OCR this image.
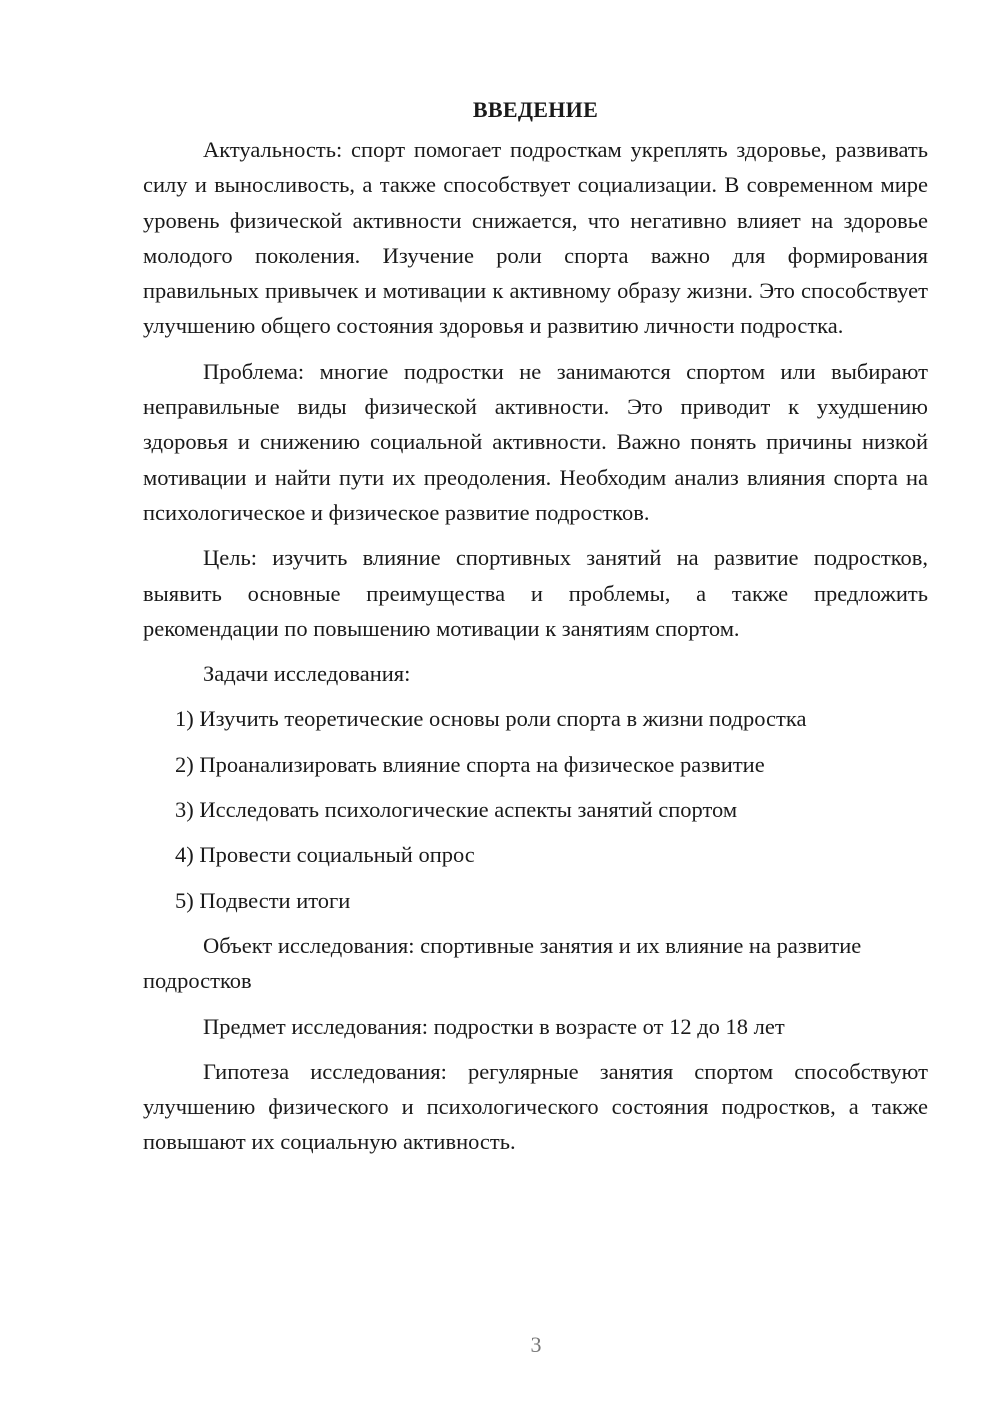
ВВЕДЕНИЕ

Актуальность: спорт помогает подросткам укреплять здоровье, развивать силу и выносливость, а также способствует социализации. В современном мире уровень физической активности снижается, что негативно влияет на здоровье молодого поколения. Изучение роли спорта важно для формирования правильных привычек и мотивации к активному образу жизни. Это способствует улучшению общего состояния здоровья и развитию личности подростка.

Проблема: многие подростки не занимаются спортом или выбирают неправильные виды физической активности. Это приводит к ухудшению здоровья и снижению социальной активности. Важно понять причины низкой мотивации и найти пути их преодоления. Необходим анализ влияния спорта на психологическое и физическое развитие подростков.

Цель: изучить влияние спортивных занятий на развитие подростков, выявить основные преимущества и проблемы, а также предложить рекомендации по повышению мотивации к занятиям спортом.

Задачи исследования:

1) Изучить теоретические основы роли спорта в жизни подростка
2) Проанализировать влияние спорта на физическое развитие
3) Исследовать психологические аспекты занятий спортом
4) Провести социальный опрос
5) Подвести итоги

Объект исследования: спортивные занятия и их влияние на развитие подростков

Предмет исследования: подростки в возрасте от 12 до 18 лет

Гипотеза исследования: регулярные занятия спортом способствуют улучшению физического и психологического состояния подростков, а также повышают их социальную активность.

3
